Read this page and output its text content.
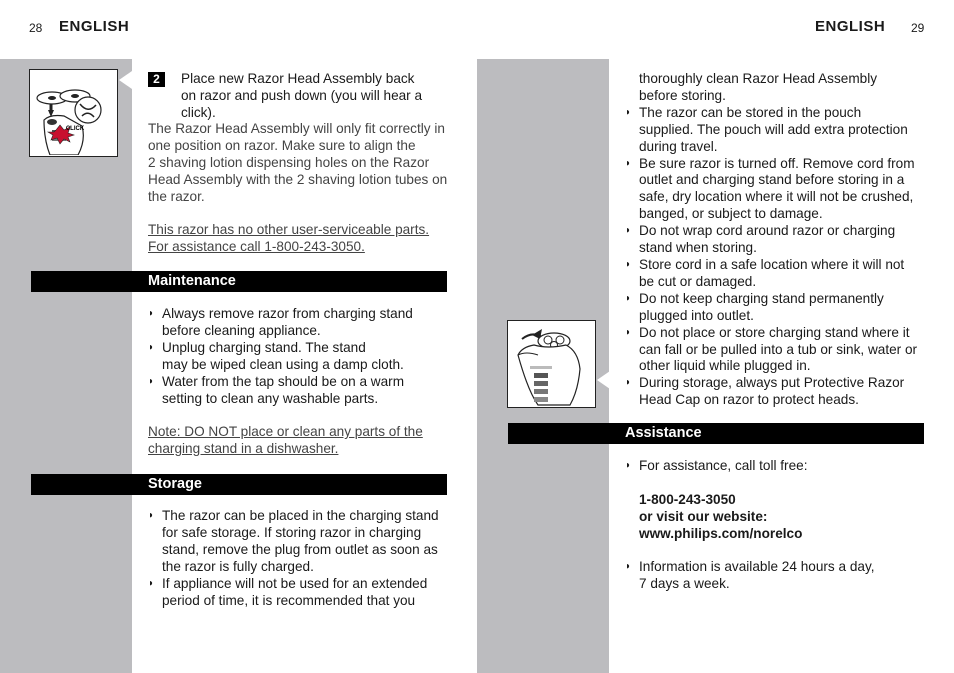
28 ENGLISH	ENGLISH 29
CLICK
2	Place new Razor Head Assembly back

on razor and push down (you will hear a

click).

The Razor Head Assembly will only fit correctly in

one position on razor. Make sure to align the

2 shaving lotion dispensing holes on the Razor

Head Assembly with the 2 shaving lotion tubes on

the razor.

This razor has no other user-serviceable parts.

For assistance call 1-800-243-3050.

Maintenance
◗ Always remove razor from charging stand

before cleaning appliance.

◗ Unplug charging stand. The stand

may be wiped clean using a damp cloth.

◗ Water from the tap should be on a warm

setting to clean any washable parts.

Note: DO NOT place or clean any parts of the

charging stand in a dishwasher.

Storage
◗ The razor can be placed in the charging stand

for safe storage. If storing razor in charging

stand, remove the plug from outlet as soon as

the razor is fully charged.

◗ If appliance will not be used for an extended

period of time, it is recommended that you

thoroughly clean Razor Head Assembly

before storing.

◗ The razor can be stored in the pouch

supplied. The pouch will add extra protection

during travel.

◗ Be sure razor is turned off. Remove cord from

outlet and charging stand before storing in a

safe, dry location where it will not be crushed,

banged, or subject to damage.

◗ Do not wrap cord around razor or charging

stand when storing.

◗ Store cord in a safe location where it will not

be cut or damaged.

◗ Do not keep charging stand permanently

plugged into outlet.

◗ Do not place or store charging stand where it

can fall or be pulled into a tub or sink, water or

other liquid while plugged in.

◗ During storage, always put Protective Razor

Head Cap on razor to protect heads.

Assistance
◗ For assistance, call toll free:

1-800-243-3050

or visit our website:

www.philips.com/norelco

◗ Information is available 24 hours a day,

7 days a week.
